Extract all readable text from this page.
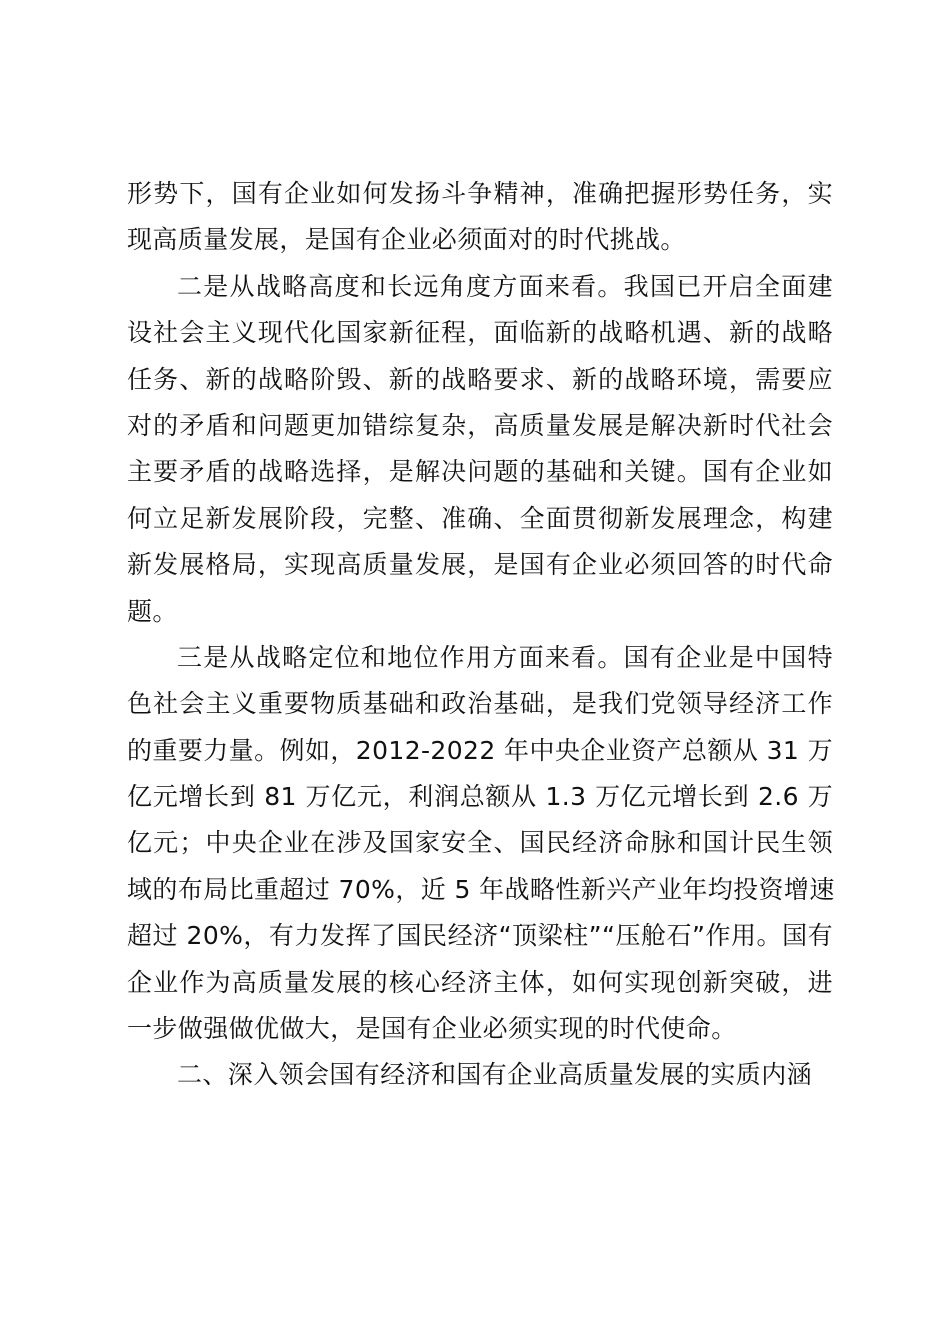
形势下，国有企业如何发扬斗争精神，准确把握形势任务，实
现高质量发展，是国有企业必须面对的时代挑战。
二是从战略高度和长远角度方面来看。我国已开启全面建
设社会主义现代化国家新征程，面临新的战略机遇、新的战略
任务、新的战略阶毁、新的战略要求、新的战略环境，需要应
对的矛盾和问题更加错综复杂，高质量发展是解决新时代社会
主要矛盾的战略选择，是解决问题的基础和关键。国有企业如
何立足新发展阶段，完整、准确、全面贯彻新发展理念，构建
新发展格局，实现高质量发展，是国有企业必须回答的时代命
题。
三是从战略定位和地位作用方面来看。国有企业是中国特
色社会主义重要物质基础和政治基础，是我们党领导经济工作
的重要力量。例如，2012-2022 年中央企业资产总额从 31 万
亿元增长到 81 万亿元，利润总额从 1.3 万亿元增长到 2.6 万
亿元；中央企业在涉及国家安全、国民经济命脉和国计民生领
域的布局比重超过 70%，近 5 年战略性新兴产业年均投资增速
超过 20%，有力发挥了国民经济“顶梁柱”“压舱石”作用。国有
企业作为高质量发展的核心经济主体，如何实现创新突破，进
一步做强做优做大，是国有企业必须实现的时代使命。
二、深入领会国有经济和国有企业高质量发展的实质内涵
